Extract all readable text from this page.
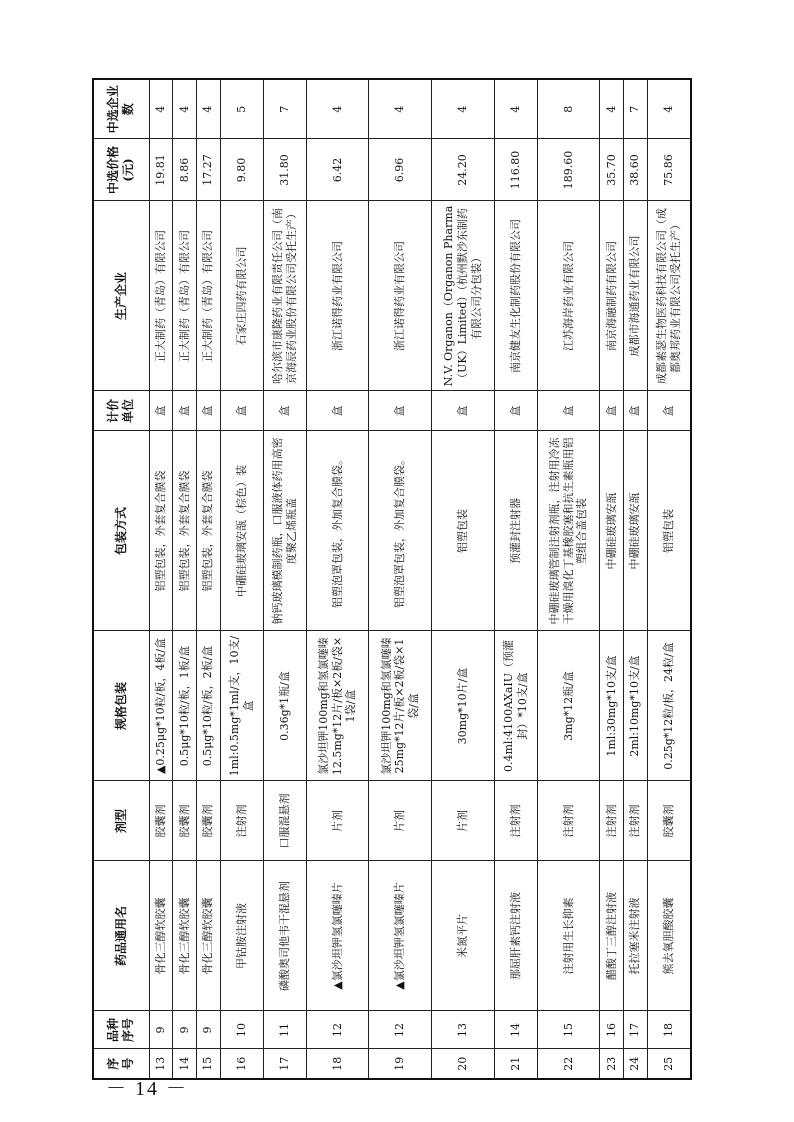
序号	品种序号	药品通用名	剂型	规格包装	包装方式	计价单位	生产企业	中选价格(元)	中选企业数
13	9	骨化三醇软胶囊	胶囊剂	▲0.25μg*10粒/板，4板/盒	铝塑包装，外套复合膜袋	盒	正大制药（青岛）有限公司	19.81	4
14	9	骨化三醇软胶囊	胶囊剂	0.5μg*10粒/板，1板/盒	铝塑包装，外套复合膜袋	盒	正大制药（青岛）有限公司	8.86	4
15	9	骨化三醇软胶囊	胶囊剂	0.5μg*10粒/板，2板/盒	铝塑包装，外套复合膜袋	盒	正大制药（青岛）有限公司	17.27	4
16	10	甲钴胺注射液	注射剂	1ml:0.5mg*1ml/支，10支/盒	中硼硅玻璃安瓿（棕色）装	盒	石家庄四药有限公司	9.80	5
17	11	磷酸奥司他韦干混悬剂	口服混悬剂	0.36g*1瓶/盒	钠钙玻璃模制药瓶，口服液体药用高密度聚乙烯瓶盖	盒	哈尔滨市康隆药业有限责任公司（南京海辰药业股份有限公司受托生产）	31.80	7
18	12	▲氯沙坦钾氢氯噻嗪片	片剂	氯沙坦钾100mg和氢氯噻嗪12.5mg*12片/板×2板/袋×1袋/盒	铝塑泡罩包装，外加复合膜袋。	盒	浙江诺得药业有限公司	6.42	4
19	12	▲氯沙坦钾氢氯噻嗪片	片剂	氯沙坦钾100mg和氢氯噻嗪25mg*12片/板×2板/袋×1袋/盒	铝塑泡罩包装，外加复合膜袋。	盒	浙江诺得药业有限公司	6.96	4
20	13	米氮平片	片剂	30mg*10片/盒	铝塑包装	盒	N.V. Organon（Organon Pharma（UK）Limited）（杭州默沙东制药有限公司分包装）	24.20	4
21	14	那屈肝素钙注射液	注射剂	0.4ml:4100AXaIU（预灌封）*10支/盒	预灌封注射器	盒	南京健友生化制药股份有限公司	116.80	4
22	15	注射用生长抑素	注射剂	3mg*12瓶/盒	中硼硅玻璃管制注射剂瓶，注射用冷冻干燥用溴化丁基橡胶塞和抗生素瓶用铝塑组合盖包装	盒	江苏海岸药业有限公司	189.60	8
23	16	醋酸丁三醇注射液	注射剂	1ml:30mg*10支/盒	中硼硅玻璃安瓿	盒	南京海融制药有限公司	35.70	4
24	17	托拉塞米注射液	注射剂	2ml:10mg*10支/盒	中硼硅玻璃安瓿	盒	成都市海通药业有限公司	38.60	7
25	18	熊去氧胆酸胶囊	胶囊剂	0.25g*12粒/板，24粒/盒	铝塑包装	盒	成都素瑟生物医药科技有限公司（成都奥邦药业有限公司受托生产）	75.86	4
－ 14 －
